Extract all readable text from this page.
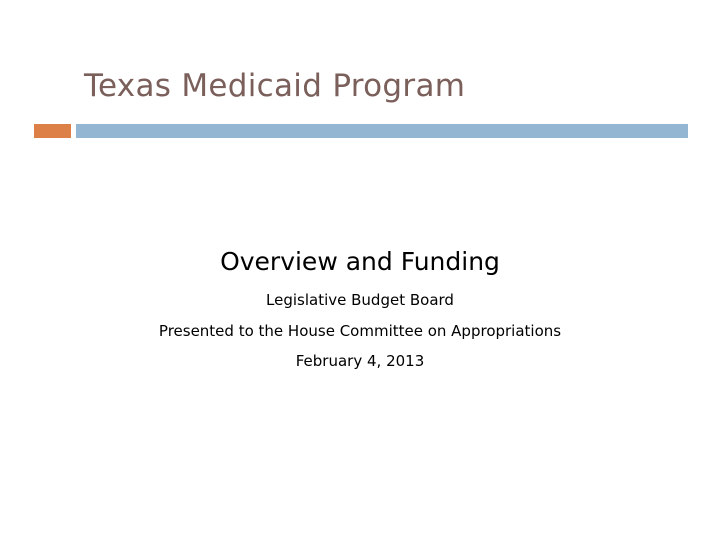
Texas Medicaid Program
Overview and Funding

Legislative Budget Board

Presented to the House Committee on Appropriations

February 4, 2013
